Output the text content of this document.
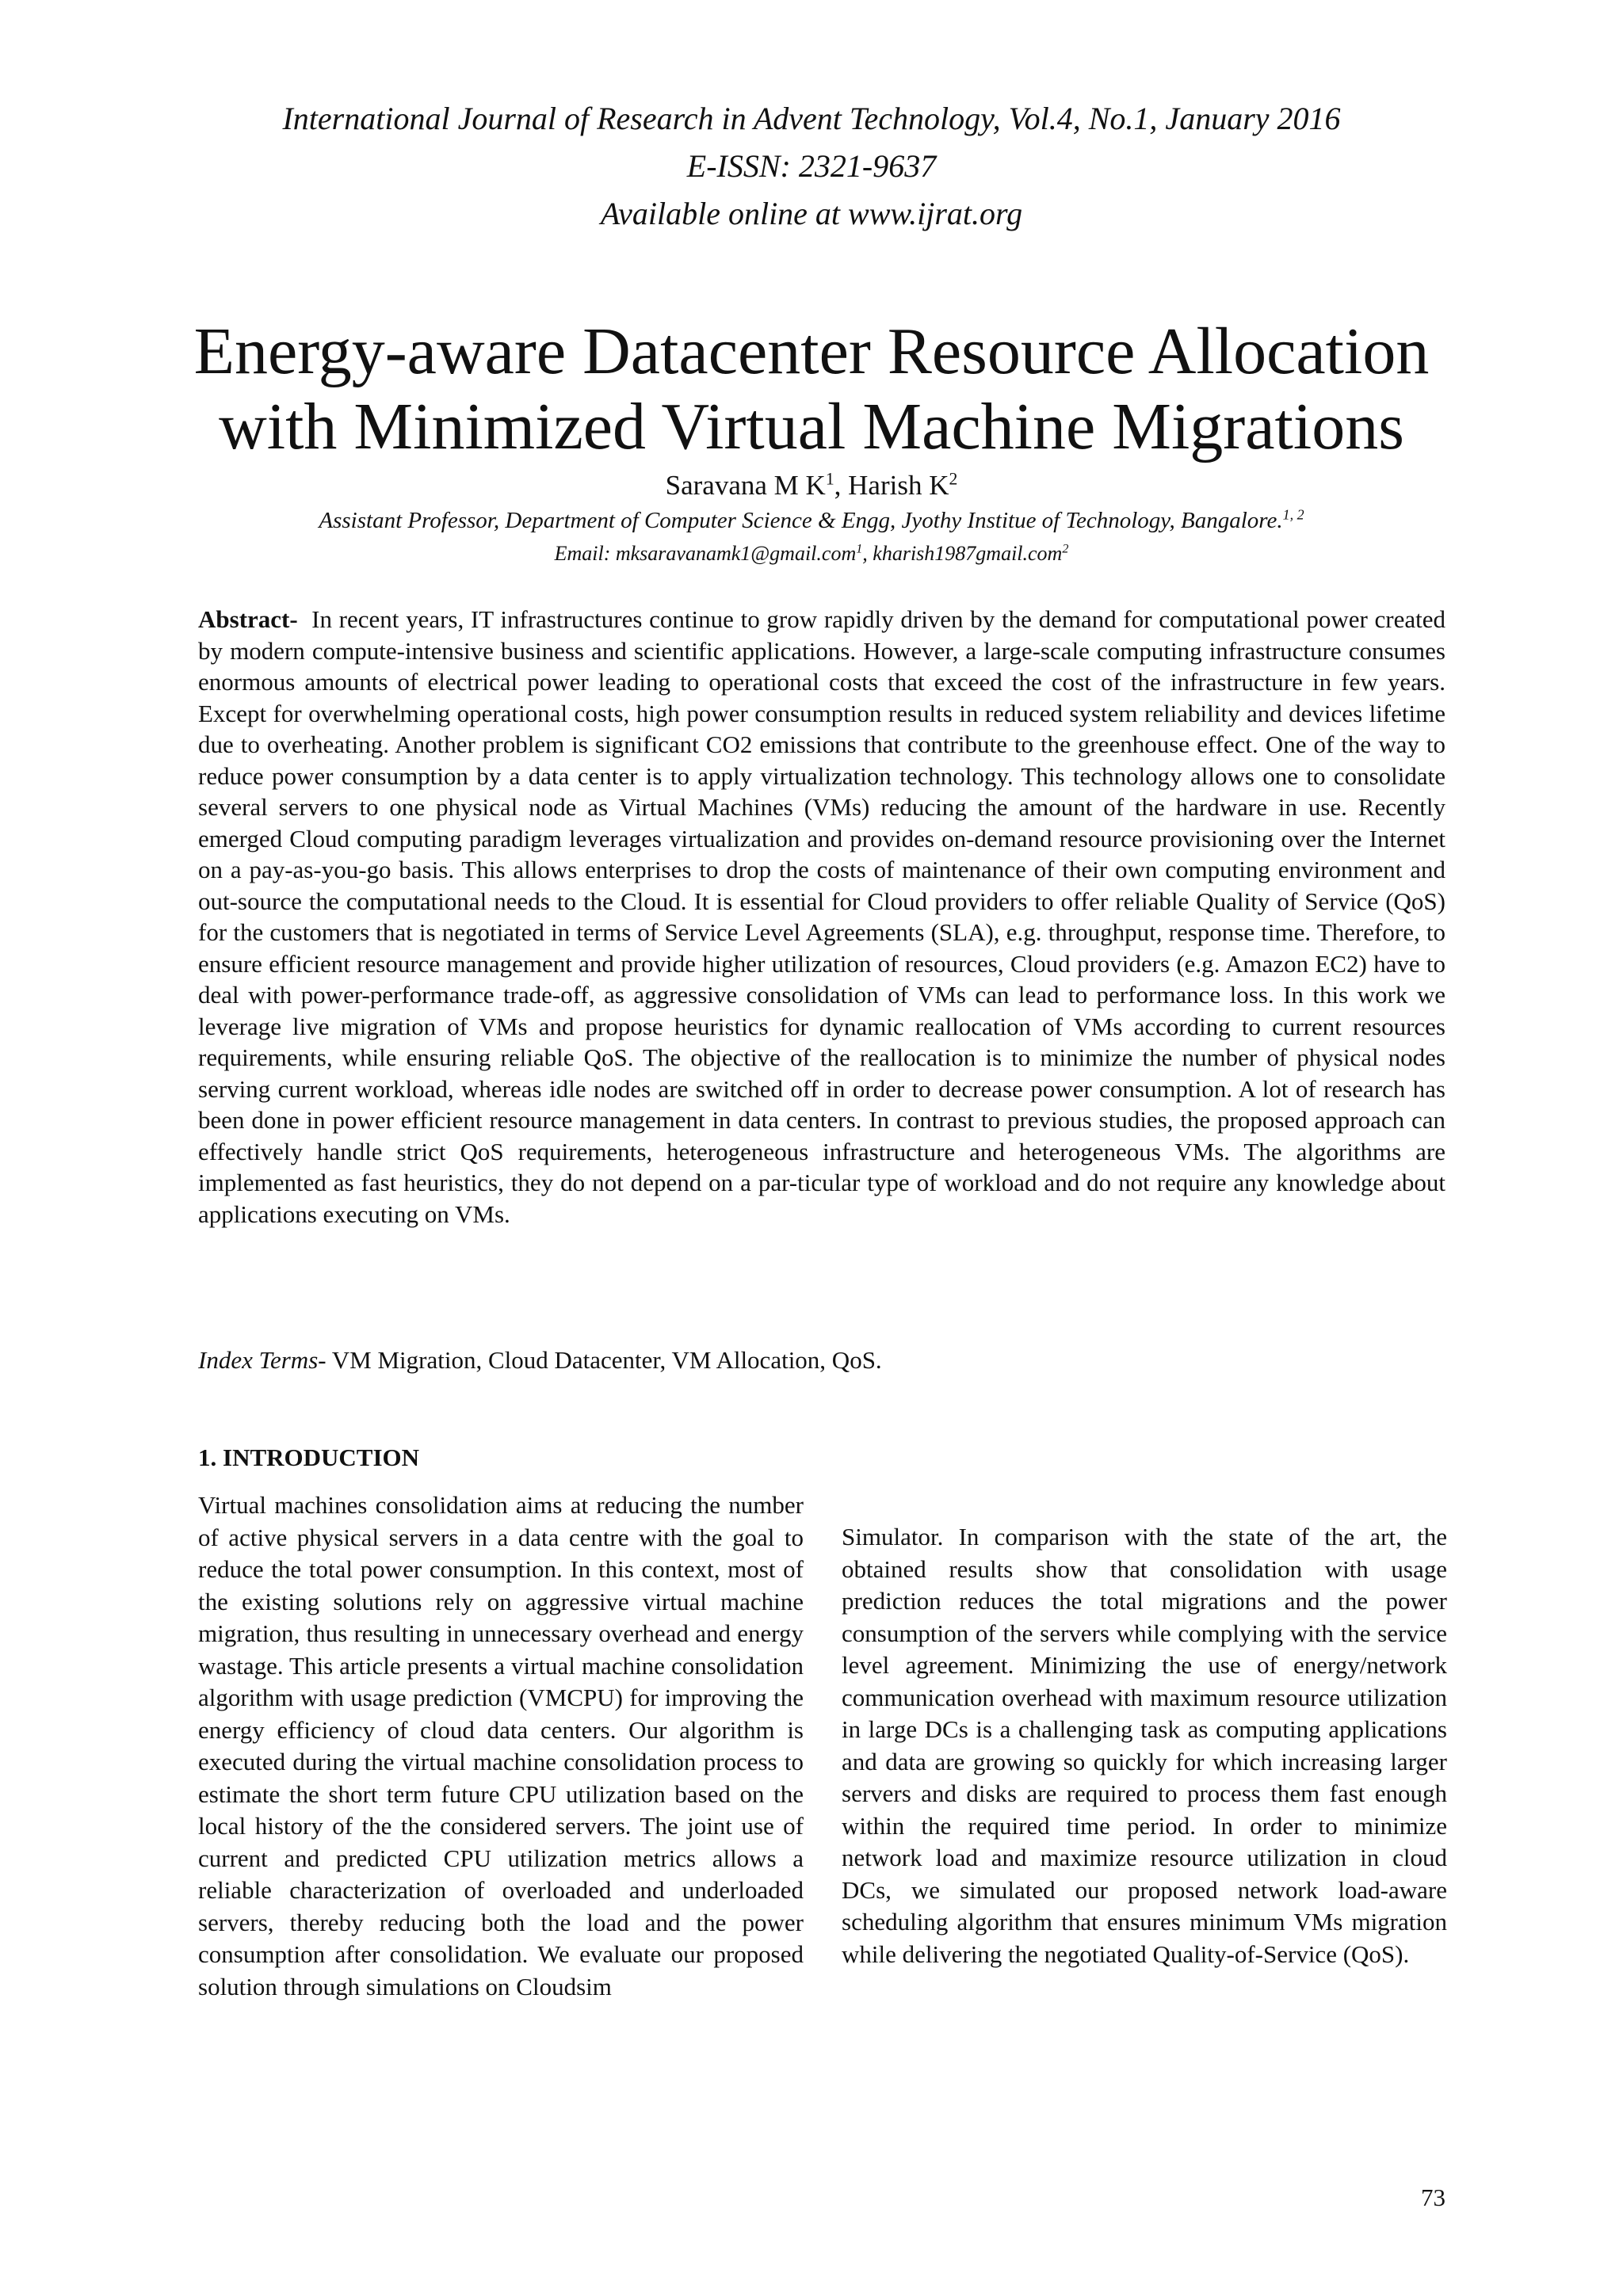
International Journal of Research in Advent Technology, Vol.4, No.1, January 2016
E-ISSN: 2321-9637
Available online at www.ijrat.org
Energy-aware Datacenter Resource Allocation
with Minimized Virtual Machine Migrations
Saravana M $K^1$, Harish $K^2$
Assistant Professor, Department of Computer Science & Engg, Jyothy Institue of Technology, Bangalore.$^{1, 2}$
Email: mksaravanamk1@gmail.com$^1$, kharish1987gmail.com$^2$

Abstract- In recent years, IT infrastructures continue to grow rapidly driven by the demand for computational power created by modern compute-intensive business and scientific applications. However, a large-scale computing infrastructure consumes enormous amounts of electrical power leading to operational costs that exceed the cost of the infrastructure in few years. Except for overwhelming operational costs, high power consumption results in reduced system reliability and devices lifetime due to overheating. Another problem is significant CO2 emissions that contribute to the greenhouse effect. One of the way to reduce power consumption by a data center is to apply virtualization technology. This technology allows one to consolidate several servers to one physical node as Virtual Machines (VMs) reducing the amount of the hardware in use. Recently emerged Cloud computing paradigm leverages virtualization and provides on-demand resource provisioning over the Internet on a pay-as-you-go basis. This allows enterprises to drop the costs of maintenance of their own computing environment and out-source the computational needs to the Cloud. It is essential for Cloud providers to offer reliable Quality of Service (QoS) for the customers that is negotiated in terms of Service Level Agreements (SLA), e.g. throughput, response time. Therefore, to ensure efficient resource management and provide higher utilization of resources, Cloud providers (e.g. Amazon EC2) have to deal with power-performance trade-off, as aggressive consolidation of VMs can lead to performance loss. In this work we leverage live migration of VMs and propose heuristics for dynamic reallocation of VMs according to current resources requirements, while ensuring reliable QoS. The objective of the reallocation is to minimize the number of physical nodes serving current workload, whereas idle nodes are switched off in order to decrease power consumption. A lot of research has been done in power efficient resource management in data centers. In contrast to previous studies, the proposed approach can effectively handle strict QoS requirements, heterogeneous infrastructure and heterogeneous VMs. The algorithms are implemented as fast heuristics, they do not depend on a par-ticular type of workload and do not require any knowledge about applications executing on VMs.

Index Terms- VM Migration, Cloud Datacenter, VM Allocation, QoS.

1. INTRODUCTION

Virtual machines consolidation aims at reducing the number of active physical servers in a data centre with the goal to reduce the total power consumption. In this context, most of the existing solutions rely on aggressive virtual machine migration, thus resulting in unnecessary overhead and energy wastage. This article presents a virtual machine consolidation algorithm with usage prediction (VMCPU) for improving the energy efficiency of cloud data centers. Our algorithm is executed during the virtual machine consolidation process to estimate the short term future CPU utilization based on the local history of the the considered servers. The joint use of current and predicted CPU utilization metrics allows a reliable characterization of overloaded and underloaded servers, thereby reducing both the load and the power consumption after consolidation. We evaluate our proposed solution through simulations on Cloudsim

Simulator. In comparison with the state of the art, the obtained results show that consolidation with usage prediction reduces the total migrations and the power consumption of the servers while complying with the service level agreement. Minimizing the use of energy/network communication overhead with maximum resource utilization in large DCs is a challenging task as computing applications and data are growing so quickly for which increasing larger servers and disks are required to process them fast enough within the required time period. In order to minimize network load and maximize resource utilization in cloud DCs, we simulated our proposed network load-aware scheduling algorithm that ensures minimum VMs migration while delivering the negotiated Quality-of-Service (QoS).

73
